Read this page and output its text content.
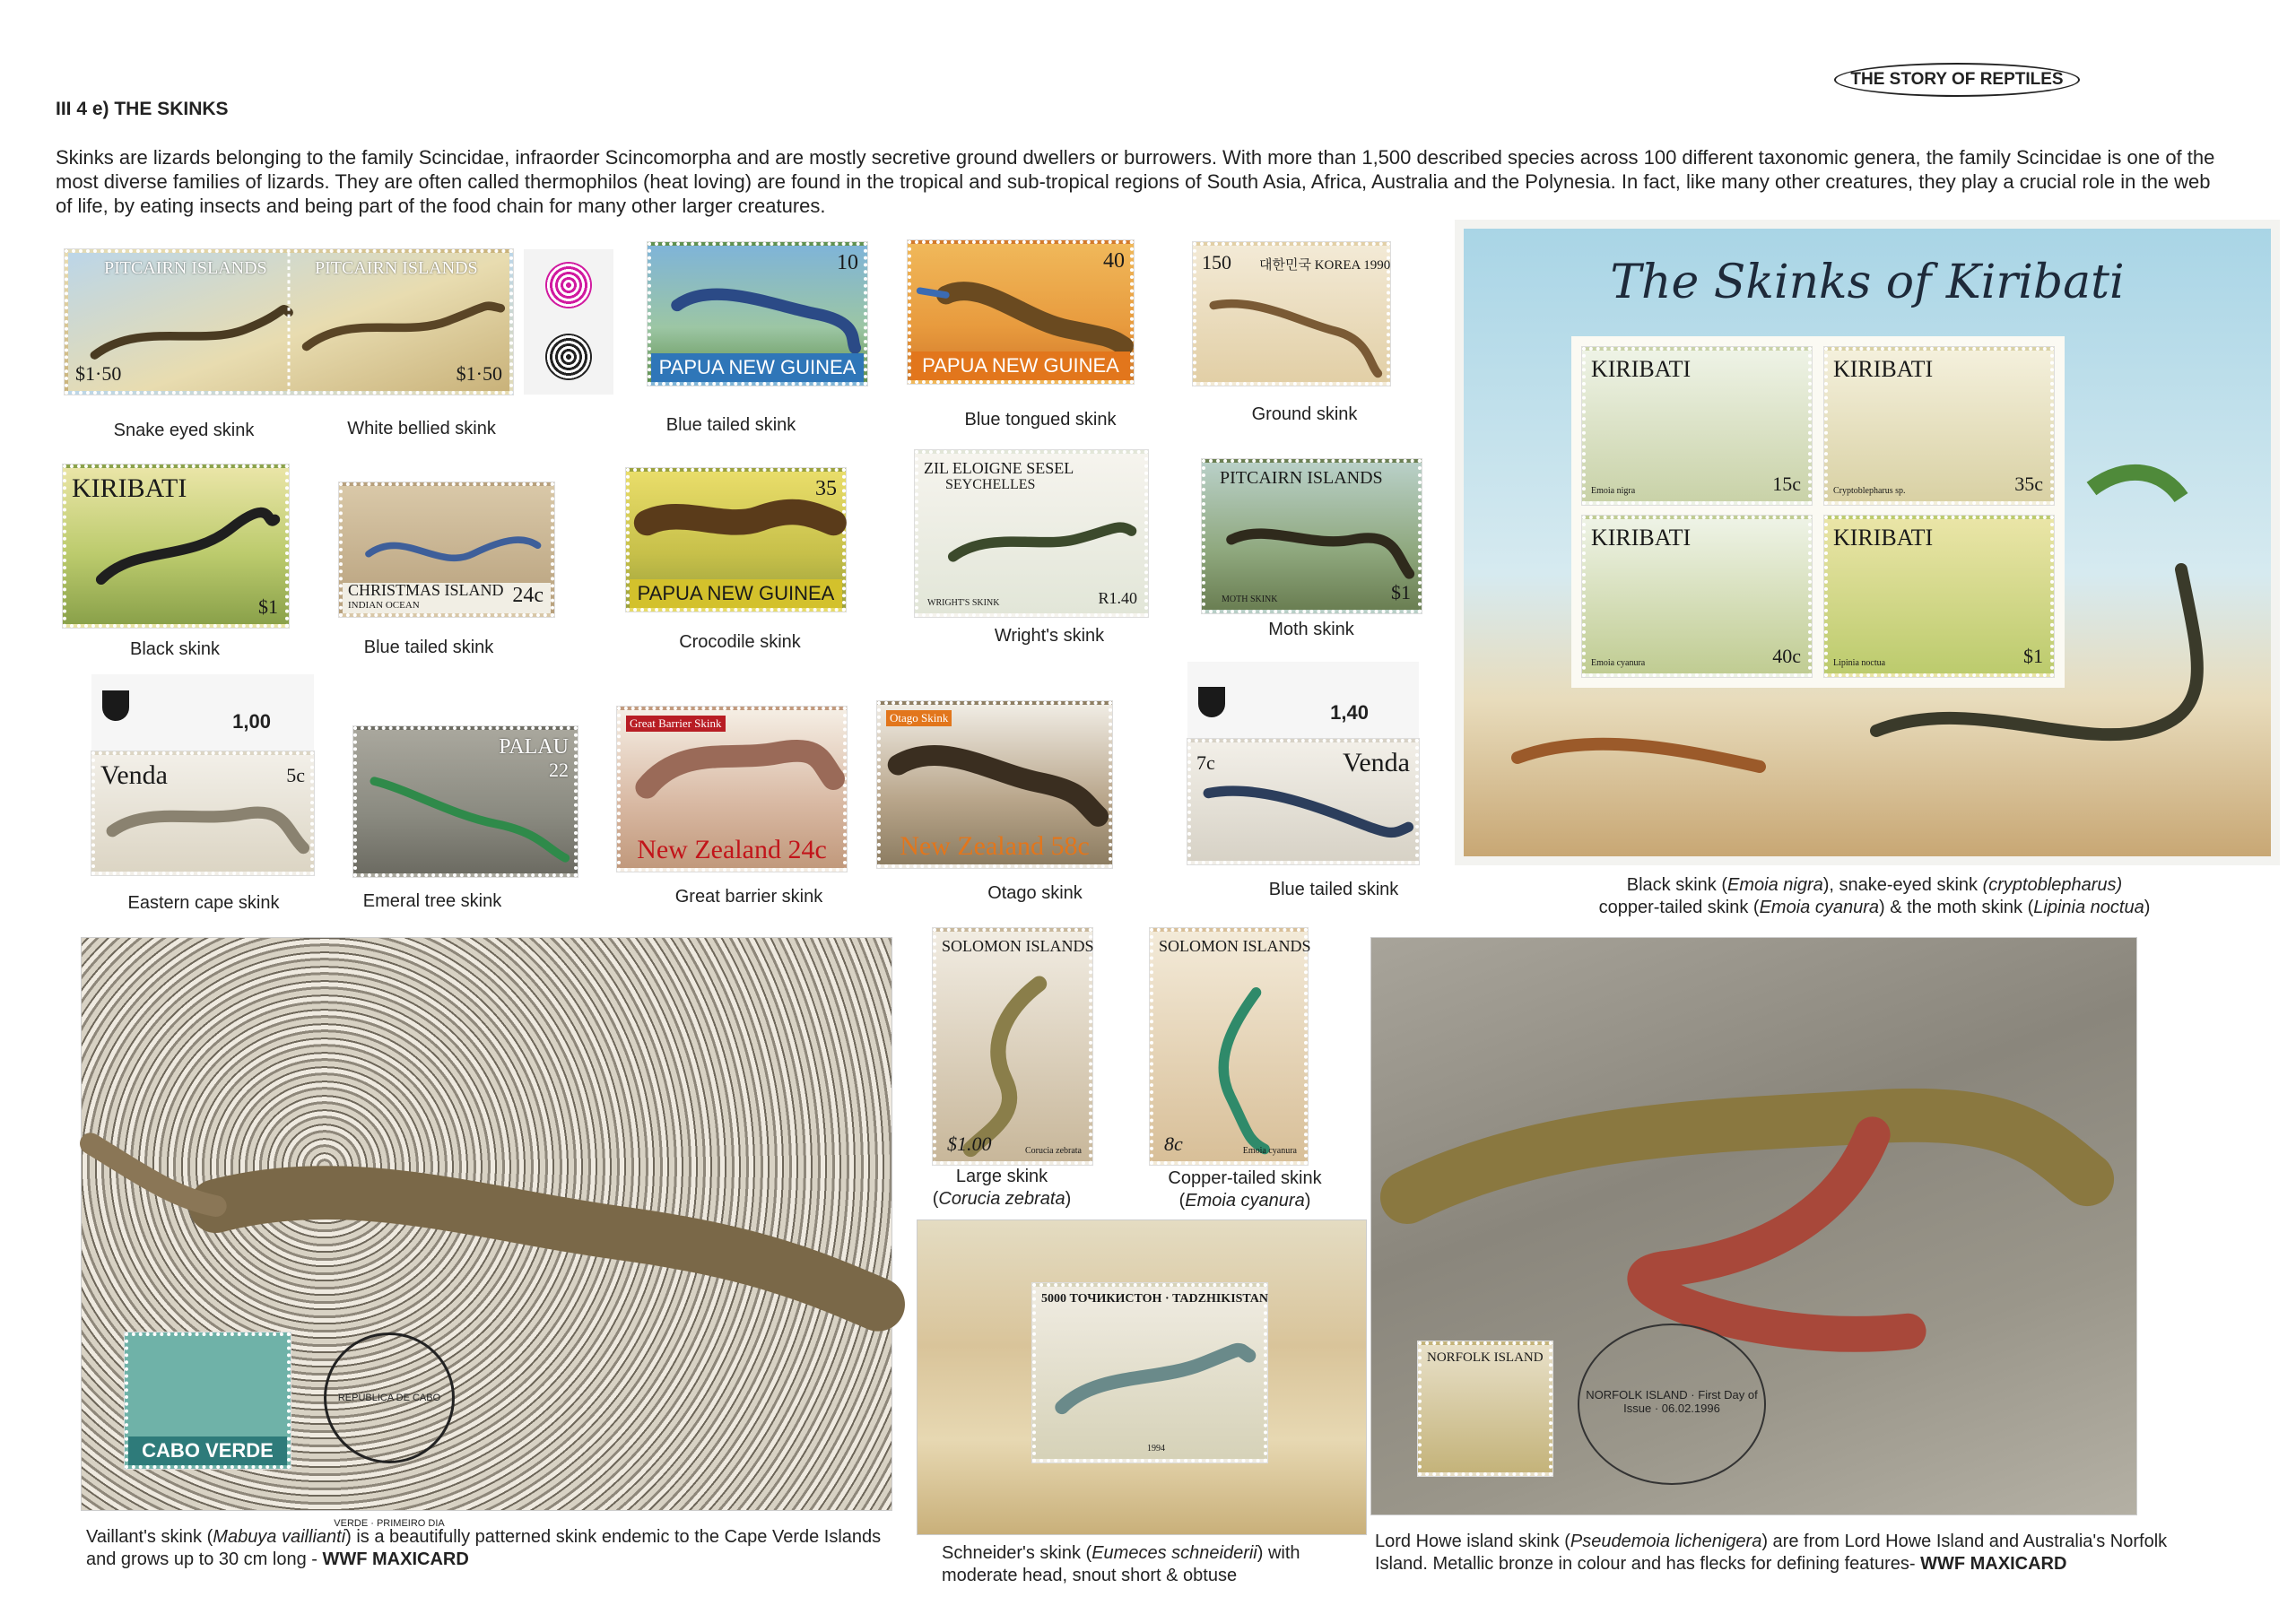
III 4 e) THE SKINKS
THE STORY OF REPTILES
Skinks are lizards belonging to the family Scincidae, infraorder Scincomorpha and are mostly secretive ground dwellers or burrowers. With more than 1,500 described species across 100 different taxonomic genera, the family Scincidae is one of the most diverse families of lizards. They are often called thermophilos (heat loving) are found in the tropical and sub-tropical regions of South Asia, Africa, Australia and the Polynesia. In fact, like many other creatures, they play a crucial role in the web of life, by eating insects and being part of the food chain for many other larger creatures.
PITCAIRN ISLANDS	PITCAIRN ISLANDS
$1·50	$1·50
Snake eyed skink	White bellied skink
10
PAPUA NEW GUINEA
Blue tailed skink
40
PAPUA NEW GUINEA
Blue tongued skink
150	대한민국 KOREA 1990
Ground skink
KIRIBATI
$1
Black skink
CHRISTMAS ISLAND
INDIAN OCEAN	24c
Blue tailed skink
35
PAPUA NEW GUINEA
Crocodile skink
ZIL ELOIGNE SESEL
SEYCHELLES
R1.40
WRIGHT'S SKINK
Wright's skink
PITCAIRN ISLANDS
$1
MOTH SKINK
Moth skink
1,00
Venda	5c
Eastern cape skink
PALAU
22
Emeral tree skink
Great Barrier Skink
New Zealand 24c
Great barrier skink
Otago Skink
New Zealand 58c
Otago skink
1,40
Venda
7c
Blue tailed skink
The Skinks of Kiribati
KIRIBATI
15c
Emoia nigra
KIRIBATI
35c
Cryptoblepharus sp.
KIRIBATI
40c
Emoia cyanura
KIRIBATI
$1
Lipinia noctua
Black skink (Emoia nigra), snake-eyed skink (cryptoblepharus)
copper-tailed skink (Emoia cyanura) & the moth skink (Lipinia noctua)
CABO VERDE
REPÚBLICA DE CABO VERDE · PRIMEIRO DIA
Vaillant's skink (Mabuya vaillianti) is a beautifully patterned skink endemic to the Cape Verde Islands and grows up to 30 cm long - WWF MAXICARD
SOLOMON ISLANDS
$1.00	Corucia zebrata
Large skink
(Corucia zebrata)
SOLOMON ISLANDS
8c	Emoia cyanura
Copper-tailed skink
(Emoia cyanura)
5000 ТОЧИКИСТОН · TADZHIKISTAN
1994
Schneider's skink (Eumeces schneiderii) with moderate head, snout short & obtuse
NORFOLK ISLAND
NORFOLK ISLAND · First Day of Issue · 06.02.1996
Lord Howe island skink (Pseudemoia lichenigera) are from Lord Howe Island and Australia's Norfolk Island. Metallic bronze in colour and has flecks for defining features- WWF MAXICARD
